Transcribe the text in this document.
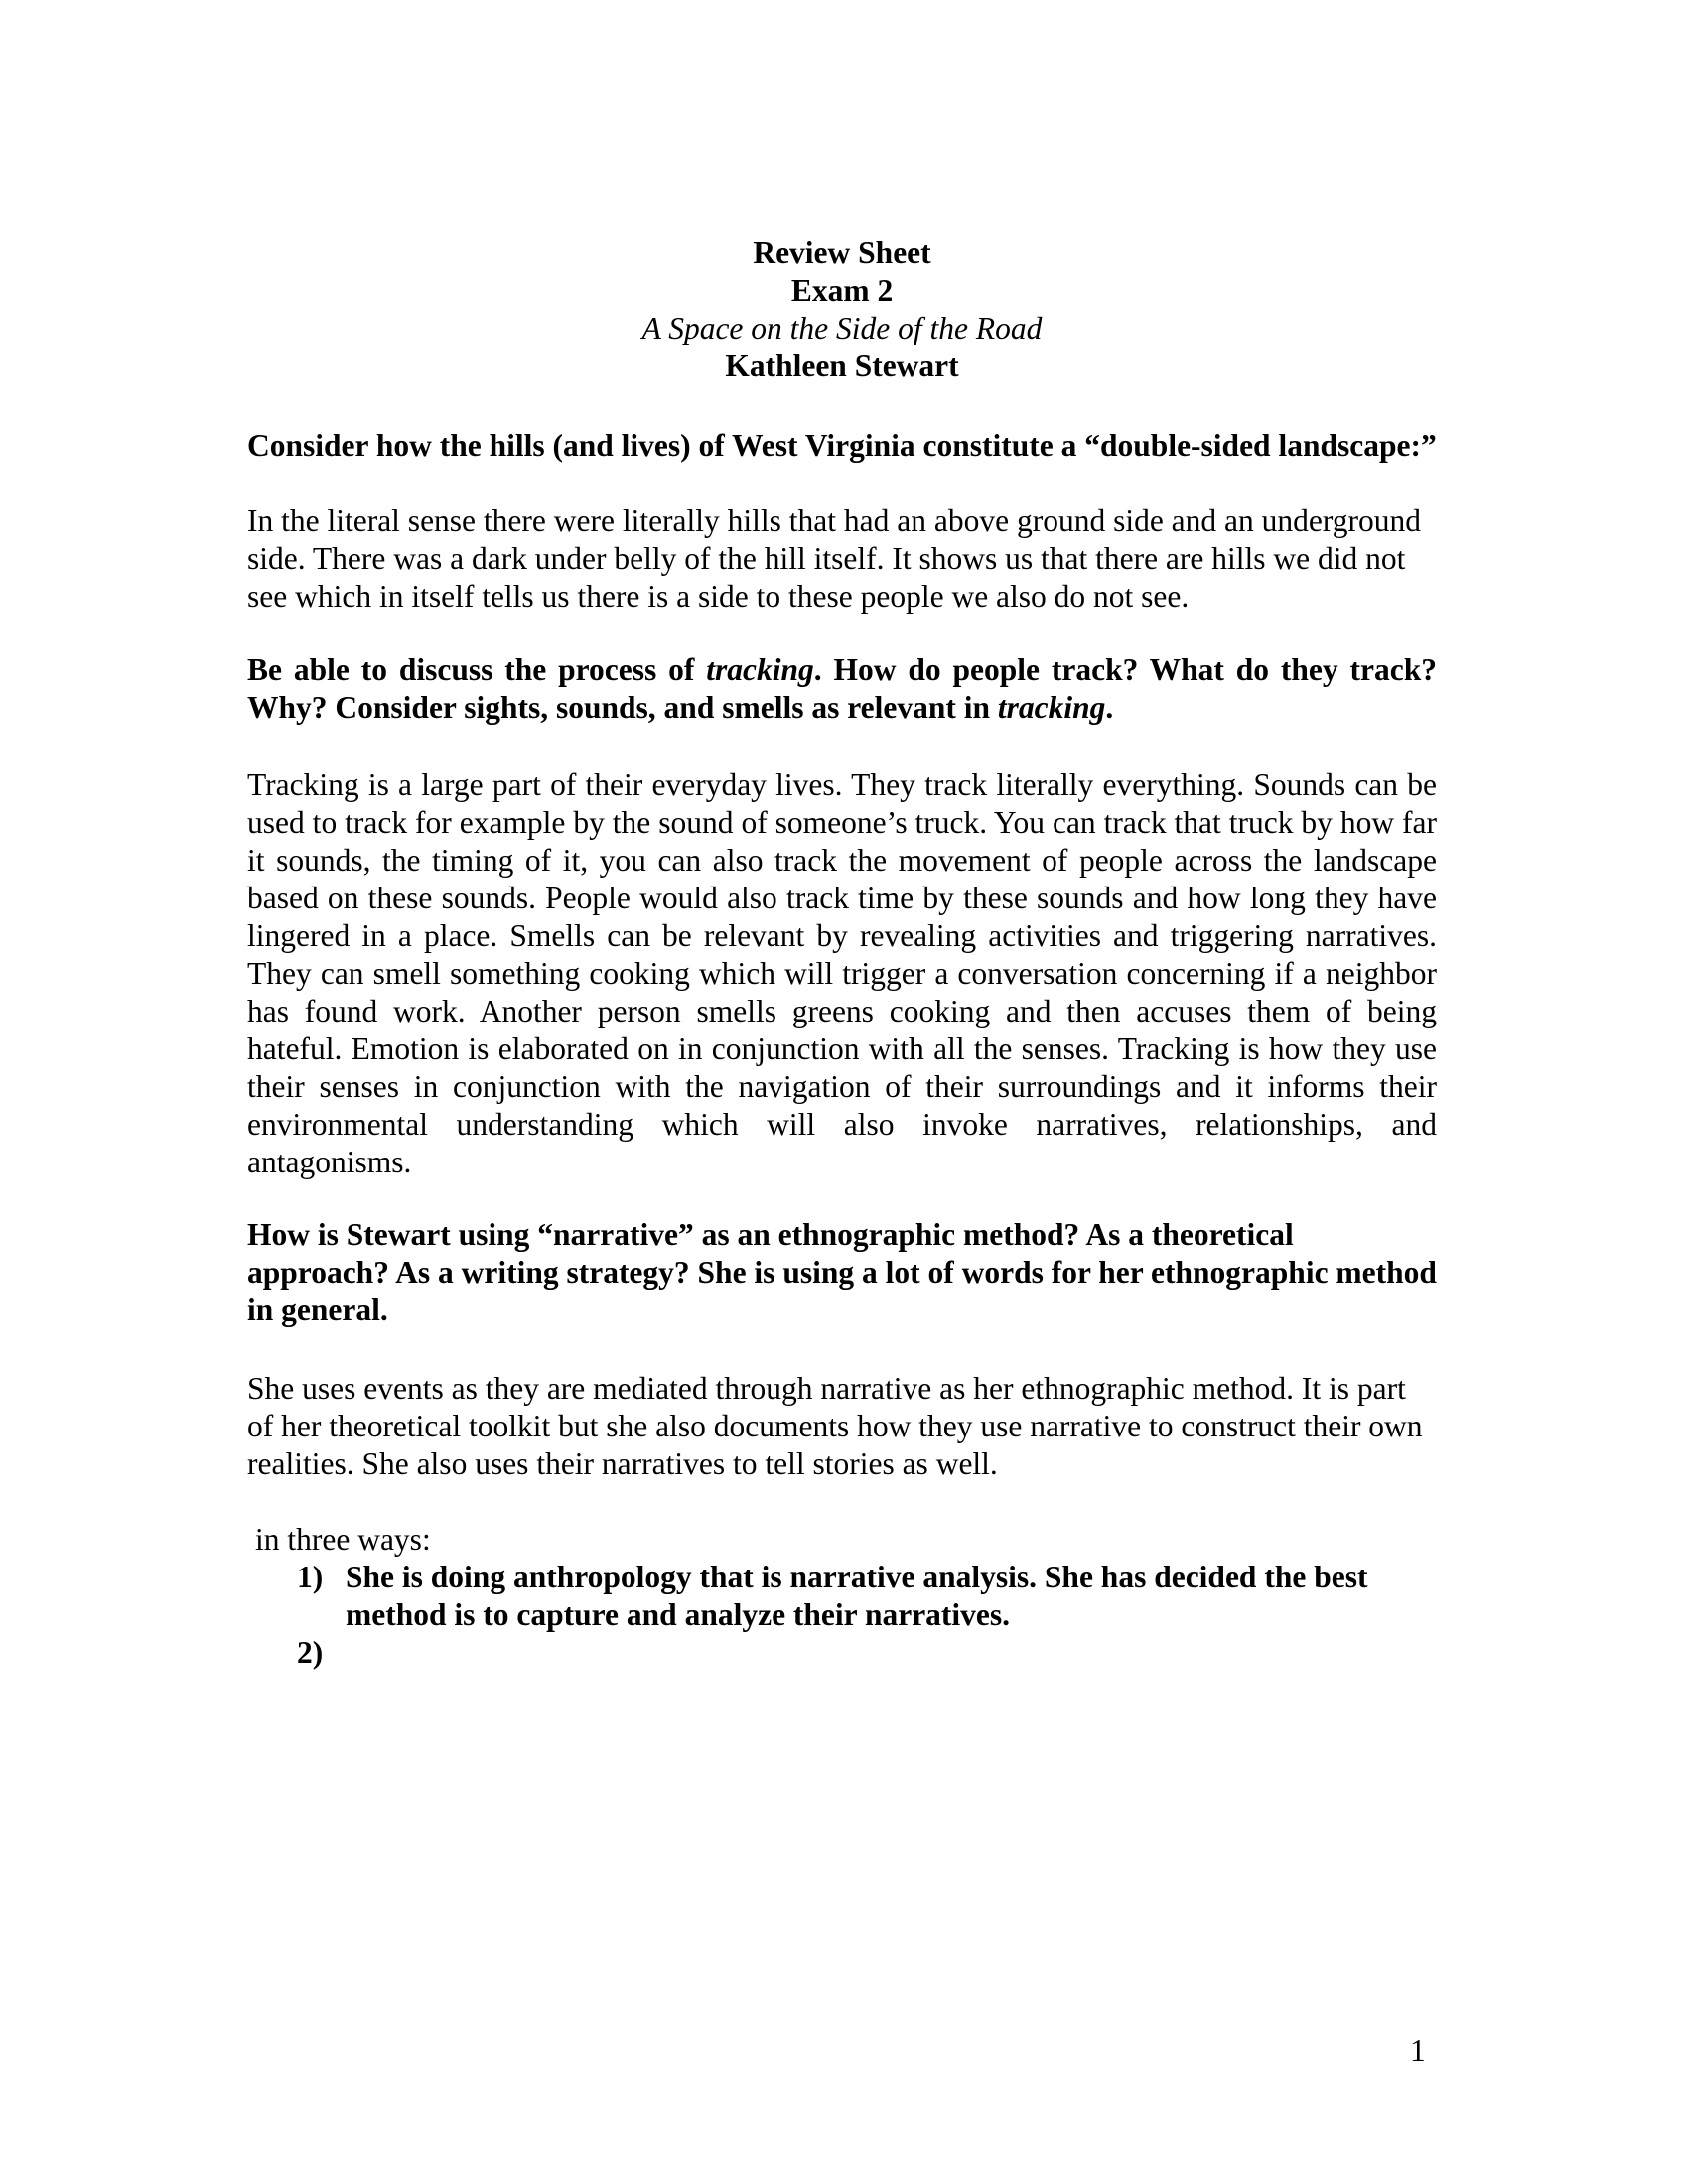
Review Sheet
Exam 2
A Space on the Side of the Road
Kathleen Stewart

Consider how the hills (and lives) of West Virginia constitute a “double-sided landscape:”

In the literal sense there were literally hills that had an above ground side and an underground side. There was a dark under belly of the hill itself. It shows us that there are hills we did not see which in itself tells us there is a side to these people we also do not see.

Be able to discuss the process of tracking. How do people track? What do they track? Why? Consider sights, sounds, and smells as relevant in tracking.

Tracking is a large part of their everyday lives. They track literally everything. Sounds can be used to track for example by the sound of someone’s truck. You can track that truck by how far it sounds, the timing of it, you can also track the movement of people across the landscape based on these sounds. People would also track time by these sounds and how long they have lingered in a place. Smells can be relevant by revealing activities and triggering narratives. They can smell something cooking which will trigger a conversation concerning if a neighbor has found work. Another person smells greens cooking and then accuses them of being hateful. Emotion is elaborated on in conjunction with all the senses. Tracking is how they use their senses in conjunction with the navigation of their surroundings and it informs their environmental understanding which will also invoke narratives, relationships, and antagonisms.

How is Stewart using “narrative” as an ethnographic method? As a theoretical approach? As a writing strategy? She is using a lot of words for her ethnographic method in general.

She uses events as they are mediated through narrative as her ethnographic method. It is part of her theoretical toolkit but she also documents how they use narrative to construct their own realities. She also uses their narratives to tell stories as well.

in three ways:

1) She is doing anthropology that is narrative analysis. She has decided the best method is to capture and analyze their narratives.
2)

1
